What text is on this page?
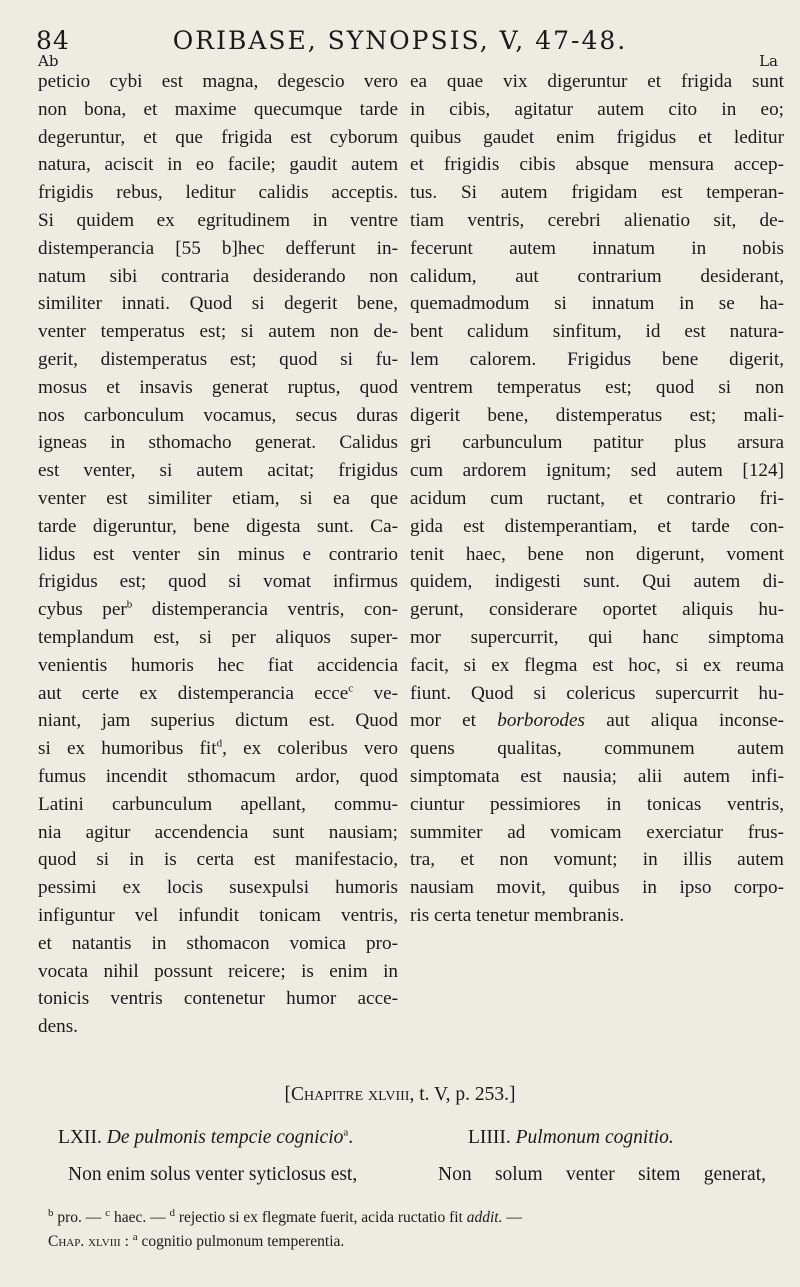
84	ORIBASE, SYNOPSIS, V, 47-48.
Ab	La
peticio cybi est magna, degescio vero
non bona, et maxime quecumque tarde
degeruntur, et que frigida est cyborum
natura, aciscit in eo facile; gaudit autem
frigidis rebus, leditur calidis acceptis.
Si quidem ex egritudinem in ventre
distemperancia [55 b]hec defferunt in-
natum sibi contraria desiderando non
similiter innati. Quod si degerit bene,
venter temperatus est; si autem non de-
gerit, distemperatus est; quod si fu-
mosus et insavis generat ruptus, quod
nos carbonculum vocamus, secus duras
igneas in sthomacho generat. Calidus
est venter, si autem acitat; frigidus
venter est similiter etiam, si ea que
tarde digeruntur, bene digesta sunt. Ca-
lidus est venter sin minus e contrario
frigidus est; quod si vomat infirmus
cybus per$^b$ distemperancia ventris, con-
templandum est, si per aliquos super-
venientis humoris hec fiat accidencia
aut certe ex distemperancia ecce$^c$ ve-
niant, jam superius dictum est. Quod
si ex humoribus fit$^d$, ex coleribus vero
fumus incendit sthomacum ardor, quod
Latini carbunculum apellant, commu-
nia agitur accendencia sunt nausiam;
quod si in is certa est manifestacio,
pessimi ex locis susexpulsi humoris
infiguntur vel infundit tonicam ventris,
et natantis in sthomacon vomica pro-
vocata nihil possunt reicere; is enim in
tonicis ventris contenetur humor acce-
dens.
ea quae vix digeruntur et frigida sunt
in cibis, agitatur autem cito in eo;
quibus gaudet enim frigidus et leditur
et frigidis cibis absque mensura accep-
tus. Si autem frigidam est temperan-
tiam ventris, cerebri alienatio sit, de-
fecerunt autem innatum in nobis
calidum, aut contrarium desiderant,
quemadmodum si innatum in se ha-
bent calidum sinfitum, id est natura-
lem calorem. Frigidus bene digerit,
ventrem temperatus est; quod si non
digerit bene, distemperatus est; mali-
gri carbunculum patitur plus arsura
cum ardorem ignitum; sed autem [124]
acidum cum ructant, et contrario fri-
gida est distemperantiam, et tarde con-
tenit haec, bene non digerunt, voment
quidem, indigesti sunt. Qui autem di-
gerunt, considerare oportet aliquis hu-
mor supercurrit, qui hanc simptoma
facit, si ex flegma est hoc, si ex reuma
fiunt. Quod si colericus supercurrit hu-
mor et borborodes aut aliqua inconse-
quens qualitas, communem autem
simptomata est nausia; alii autem infi-
ciuntur pessimiores in tonicas ventris,
summiter ad vomicam exerciatur frus-
tra, et non vomunt; in illis autem
nausiam movit, quibus in ipso corpo-
ris certa tenetur membranis.
[Chapitre xlviii, t. V, p. 253.]
LXII. De pulmonis tempcie cognicio$^a$.	LIIII. Pulmonum cognitio.
Non enim solus venter syticlosus est,	Non solum venter sitem generat,
$^b$ pro. — $^c$ haec. — $^d$ rejectio si ex flegmate fuerit, acida ructatio fit addit. —
Chap. xlviii : $^a$ cognitio pulmonum temperentia.
